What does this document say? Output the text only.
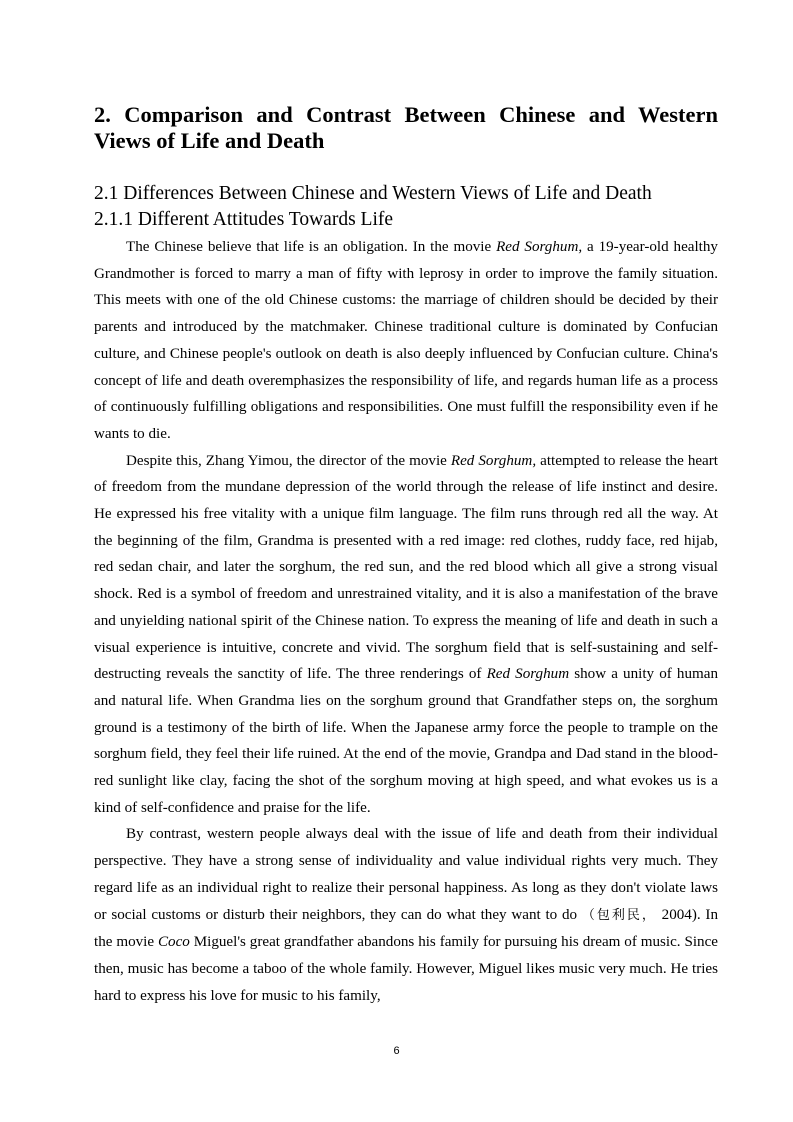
2. Comparison and Contrast Between Chinese and Western Views of Life and Death
2.1 Differences Between Chinese and Western Views of Life and Death
2.1.1 Different Attitudes Towards Life

The Chinese believe that life is an obligation. In the movie Red Sorghum, a 19-year-old healthy Grandmother is forced to marry a man of fifty with leprosy in order to improve the family situation. This meets with one of the old Chinese customs: the marriage of children should be decided by their parents and introduced by the matchmaker. Chinese traditional culture is dominated by Confucian culture, and Chinese people's outlook on death is also deeply influenced by Confucian culture. China's concept of life and death overemphasizes the responsibility of life, and regards human life as a process of continuously fulfilling obligations and responsibilities. One must fulfill the responsibility even if he wants to die.

Despite this, Zhang Yimou, the director of the movie Red Sorghum, attempted to release the heart of freedom from the mundane depression of the world through the release of life instinct and desire. He expressed his free vitality with a unique film language. The film runs through red all the way. At the beginning of the film, Grandma is presented with a red image: red clothes, ruddy face, red hijab, red sedan chair, and later the sorghum, the red sun, and the red blood which all give a strong visual shock. Red is a symbol of freedom and unrestrained vitality, and it is also a manifestation of the brave and unyielding national spirit of the Chinese nation. To express the meaning of life and death in such a visual experience is intuitive, concrete and vivid. The sorghum field that is self-sustaining and self-destructing reveals the sanctity of life. The three renderings of Red Sorghum show a unity of human and natural life. When Grandma lies on the sorghum ground that Grandfather steps on, the sorghum ground is a testimony of the birth of life. When the Japanese army force the people to trample on the sorghum field, they feel their life ruined. At the end of the movie, Grandpa and Dad stand in the blood-red sunlight like clay, facing the shot of the sorghum moving at high speed, and what evokes us is a kind of self-confidence and praise for the life.

By contrast, western people always deal with the issue of life and death from their individual perspective. They have a strong sense of individuality and value individual rights very much. They regard life as an individual right to realize their personal happiness. As long as they don't violate laws or social customs or disturb their neighbors, they can do what they want to do （包利民， 2004). In the movie Coco Miguel's great grandfather abandons his family for pursuing his dream of music. Since then, music has become a taboo of the whole family. However, Miguel likes music very much. He tries hard to express his love for music to his family,

6
